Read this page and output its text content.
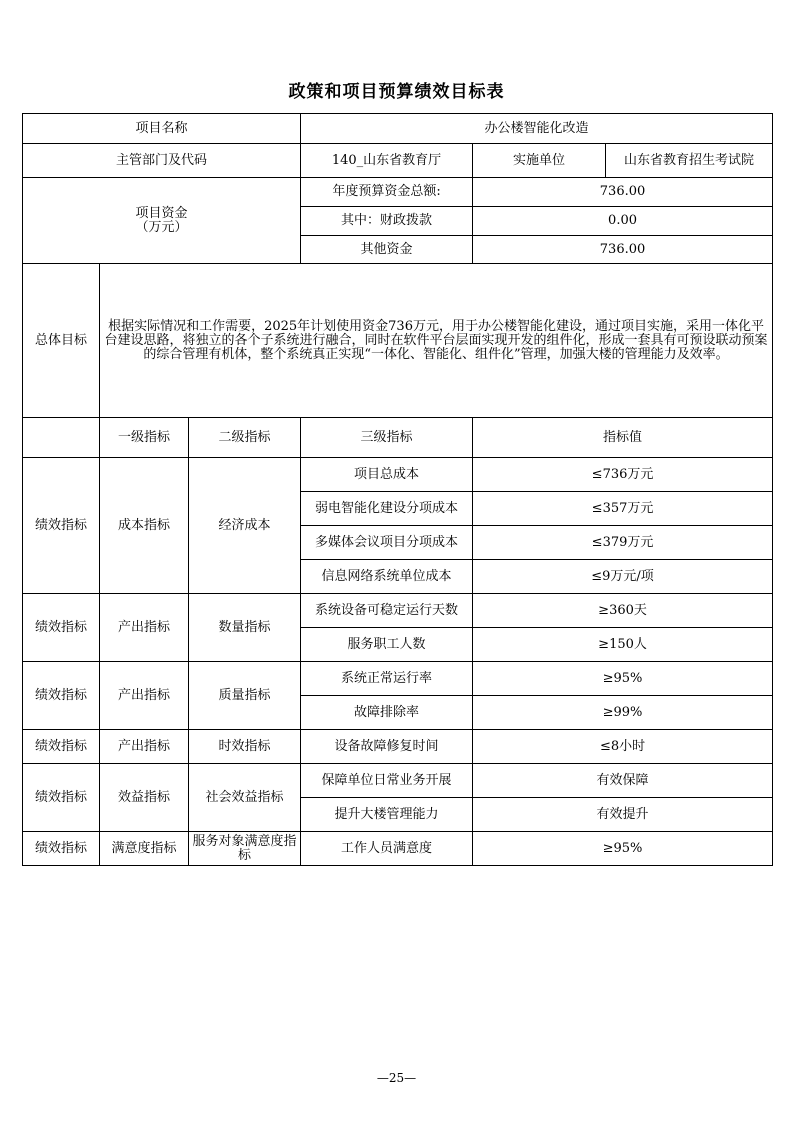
政策和项目预算绩效目标表
项目名称			办公楼智能化改造		
主管部门及代码			140_山东省教育厅	实施单位	山东省教育招生考试院

项目资金
（万元）			年度预算资金总额:	736.00	
			其中：财政拨款	0.00	
			其他资金	736.00	
总体目标	根据实际情况和工作需要，2025年计划使用资金736万元，用于办公楼智能化建设，通过项目实施，采用一体化平台建设思路，将独立的各个子系统进行融合，同时在软件平台层面实现开发的组件化，形成一套具有可预设联动预案的综合管理有机体，整个系统真正实现“一体化、智能化、组件化”管理，加强大楼的管理能力及效率。				
	一级指标	二级指标	三级指标	指标值	
绩效指标	成本指标	经济成本	项目总成本	≤736万元	
			弱电智能化建设分项成本	≤357万元	
			多媒体会议项目分项成本	≤379万元	
			信息网络系统单位成本	≤9万元/项	
绩效指标	产出指标	数量指标	系统设备可稳定运行天数	≥360天	
			服务职工人数	≥150人	
绩效指标	产出指标	质量指标	系统正常运行率	≥95%	
			故障排除率	≥99%	
绩效指标	产出指标	时效指标	设备故障修复时间	≤8小时	
绩效指标	效益指标	社会效益指标	保障单位日常业务开展	有效保障	
			提升大楼管理能力	有效提升	
绩效指标	满意度指标	服务对象满意度指标	工作人员满意度	≥95%	
—25—
